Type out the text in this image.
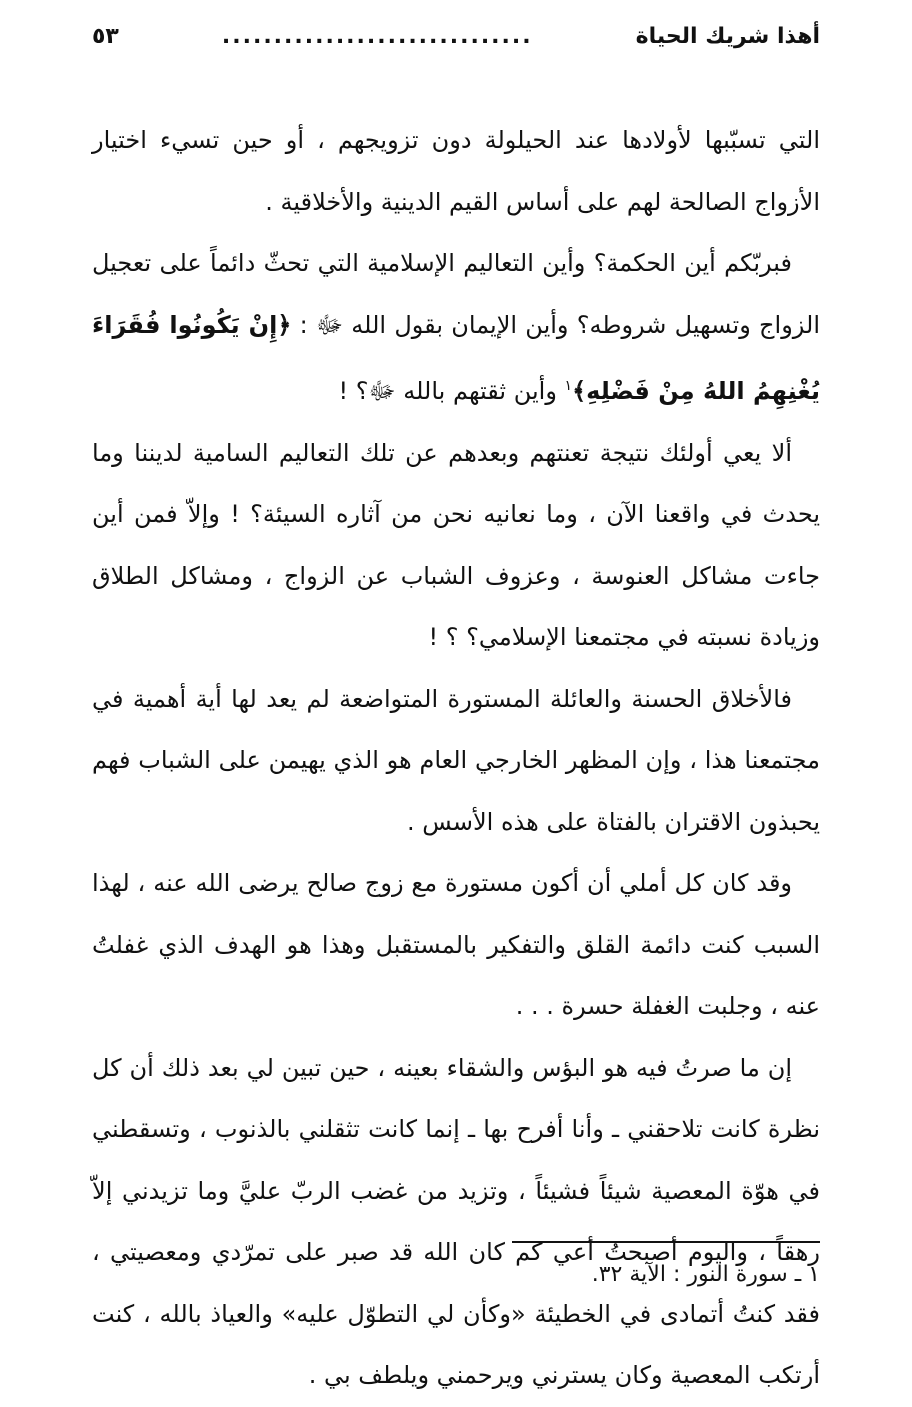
أهذا شريك الحياة
..............................
٥٣

التي تسبّبها لأولادها عند الحيلولة دون تزويجهم ، أو حين تسيء اختيار الأزواج الصالحة لهم على أساس القيم الدينية والأخلاقية .

فبربّكم أين الحكمة؟ وأين التعاليم الإسلامية التي تحثّ دائماً على تعجيل الزواج وتسهيل شروطه؟ وأين الإيمان بقول الله ﷻ : ﴿إِنْ يَكُونُوا فُقَرَاءَ يُغْنِهِمُ اللهُ مِنْ فَضْلِهِ﴾$^١$ وأين ثقتهم بالله ﷻ؟ !

ألا يعي أولئك نتيجة تعنتهم وبعدهم عن تلك التعاليم السامية لديننا وما يحدث في واقعنا الآن ، وما نعانيه نحن من آثاره السيئة؟ ! وإلاّ فمن أين جاءت مشاكل العنوسة ، وعزوف الشباب عن الزواج ، ومشاكل الطلاق وزيادة نسبته في مجتمعنا الإسلامي؟ ؟ !

فالأخلاق الحسنة والعائلة المستورة المتواضعة لم يعد لها أية أهمية في مجتمعنا هذا ، وإن المظهر الخارجي العام هو الذي يهيمن على الشباب فهم يحبذون الاقتران بالفتاة على هذه الأسس .

وقد كان كل أملي أن أكون مستورة مع زوج صالح يرضى الله عنه ، لهذا السبب كنت دائمة القلق والتفكير بالمستقبل وهذا هو الهدف الذي غفلتُ عنه ، وجلبت الغفلة حسرة . . .

إن ما صرتُ فيه هو البؤس والشقاء بعينه ، حين تبين لي بعد ذلك أن كل نظرة كانت تلاحقني ـ وأنا أفرح بها ـ إنما كانت تثقلني بالذنوب ، وتسقطني في هوّة المعصية شيئاً فشيئاً ، وتزيد من غضب الربّ عليَّ وما تزيدني إلاّ رهقاً ، واليوم أصبحتُ أعي كم كان الله قد صبر على تمرّدي ومعصيتي ، فقد كنتُ أتمادى في الخطيئة «وكأن لي التطوّل عليه» والعياذ بالله ، كنت أرتكب المعصية وكان يسترني ويرحمني ويلطف بي .

١ ـ سورة النور : الآية ٣٢.
